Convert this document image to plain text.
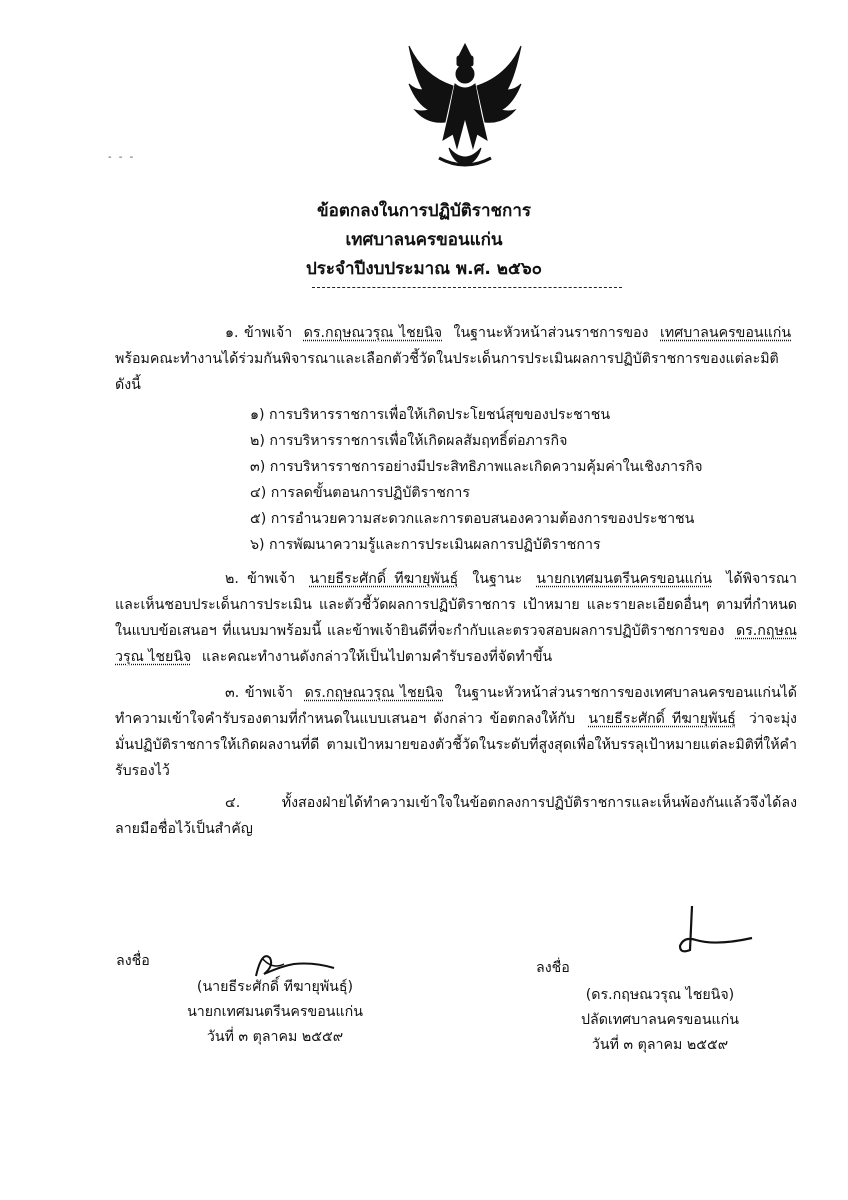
- - -
ข้อตกลงในการปฏิบัติราชการ
เทศบาลนครขอนแก่น
ประจำปีงบประมาณ พ.ศ. ๒๕๖๐
๑. ข้าพเจ้า ดร.กฤษณวรุณ ไชยนิจ ในฐานะหัวหน้าส่วนราชการของ เทศบาลนครขอนแก่น พร้อมคณะทำงานได้ร่วมกันพิจารณาและเลือกตัวชี้วัดในประเด็นการประเมินผลการปฏิบัติราชการของแต่ละมิติ ดังนี้
๑) การบริหารราชการเพื่อให้เกิดประโยชน์สุขของประชาชน
๒) การบริหารราชการเพื่อให้เกิดผลสัมฤทธิ์ต่อภารกิจ
๓) การบริหารราชการอย่างมีประสิทธิภาพและเกิดความคุ้มค่าในเชิงภารกิจ
๔) การลดขั้นตอนการปฏิบัติราชการ
๕) การอำนวยความสะดวกและการตอบสนองความต้องการของประชาชน
๖) การพัฒนาความรู้และการประเมินผลการปฏิบัติราชการ
๒. ข้าพเจ้า นายธีระศักดิ์ ทีฆายุพันธุ์ ในฐานะ นายกเทศมนตรีนครขอนแก่น ได้พิจารณาและเห็นชอบประเด็นการประเมิน และตัวชี้วัดผลการปฏิบัติราชการ เป้าหมาย และรายละเอียดอื่นๆ ตามที่กำหนดในแบบข้อเสนอฯ ที่แนบมาพร้อมนี้ และข้าพเจ้ายินดีที่จะกำกับและตรวจสอบผลการปฏิบัติราชการของ ดร.กฤษณวรุณ ไชยนิจ และคณะทำงานดังกล่าวให้เป็นไปตามคำรับรองที่จัดทำขึ้น
๓. ข้าพเจ้า ดร.กฤษณวรุณ ไชยนิจ ในฐานะหัวหน้าส่วนราชการของเทศบาลนครขอนแก่นได้ทำความเข้าใจคำรับรองตามที่กำหนดในแบบเสนอฯ ดังกล่าว ข้อตกลงให้กับ นายธีระศักดิ์ ทีฆายุพันธุ์ ว่าจะมุ่งมั่นปฏิบัติราชการให้เกิดผลงานที่ดี ตามเป้าหมายของตัวชี้วัดในระดับที่สูงสุดเพื่อให้บรรลุเป้าหมายแต่ละมิติที่ให้คำรับรองไว้
๔.	ทั้งสองฝ่ายได้ทำความเข้าใจในข้อตกลงการปฏิบัติราชการและเห็นพ้องกันแล้วจึงได้ลงลายมือชื่อไว้เป็นสำคัญ
ลงชื่อ
(นายธีระศักดิ์ ทีฆายุพันธุ์)
นายกเทศมนตรีนครขอนแก่น
วันที่ ๓ ตุลาคม ๒๕๕๙
ลงชื่อ
(ดร.กฤษณวรุณ ไชยนิจ)
ปลัดเทศบาลนครขอนแก่น
วันที่ ๓ ตุลาคม ๒๕๕๙
